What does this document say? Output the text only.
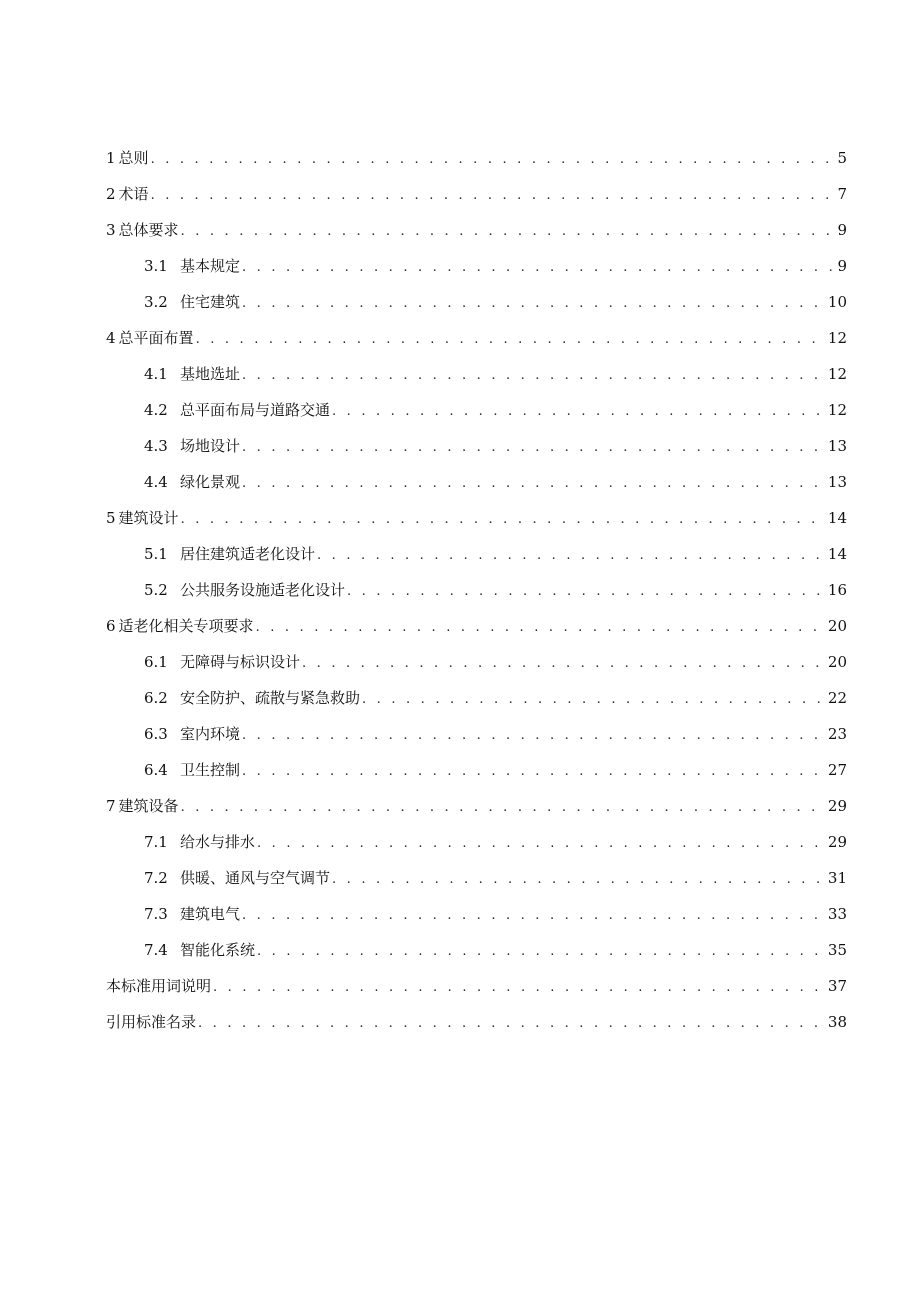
1 总则 . . .	5
2 术语 . . .	7
3 总体要求 . . .	9
3.1 基本规定 . . .	9
3.2 住宅建筑 . . .	10
4 总平面布置 . . .	12
4.1 基地选址 . . .	12
4.2 总平面布局与道路交通 . . .	12
4.3 场地设计 . . .	13
4.4 绿化景观 . . .	13
5 建筑设计 . . .	14
5.1 居住建筑适老化设计 . . .	14
5.2 公共服务设施适老化设计 . . .	16
6 适老化相关专项要求 . . .	20
6.1 无障碍与标识设计 . . .	20
6.2 安全防护、疏散与紧急救助 . . .	22
6.3 室内环境 . . .	23
6.4 卫生控制 . . .	27
7 建筑设备 . . .	29
7.1 给水与排水 . . .	29
7.2 供暖、通风与空气调节 . . .	31
7.3 建筑电气 . . .	33
7.4 智能化系统 . . .	35
本标准用词说明 . . .	37
引用标准名录 . . .	38
